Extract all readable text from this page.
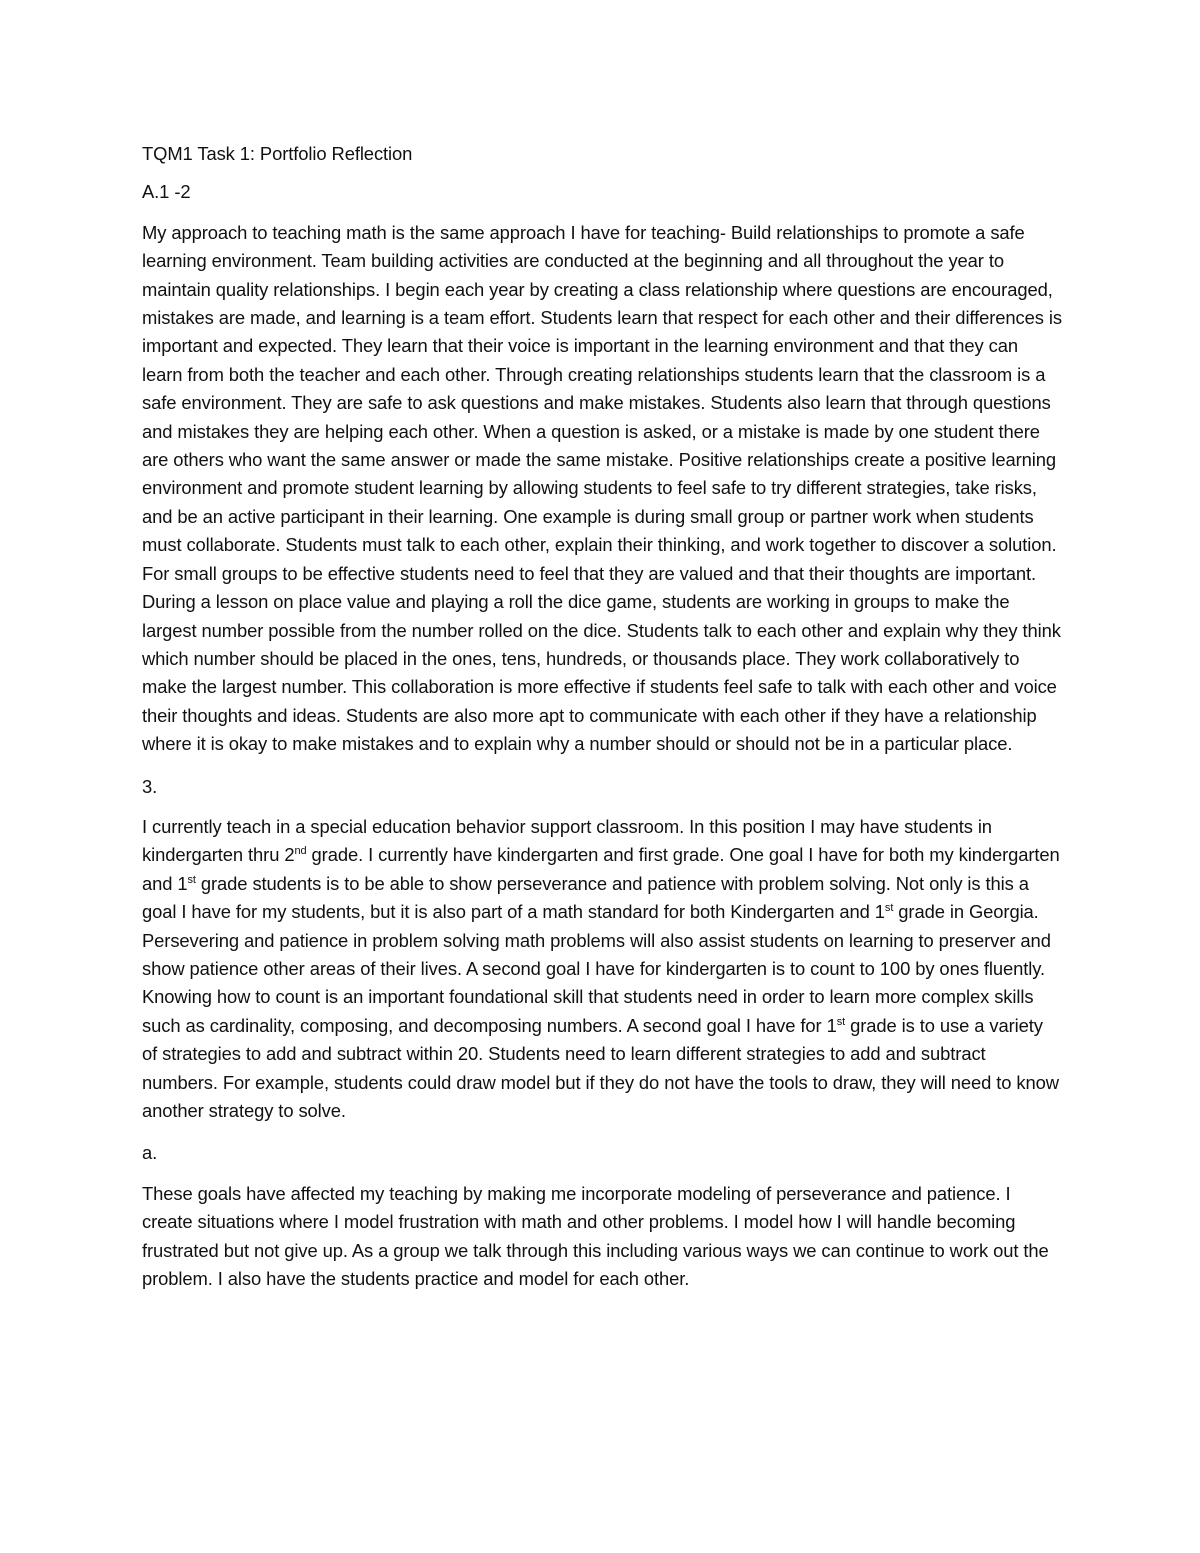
TQM1 Task 1: Portfolio Reflection

A.1 -2

My approach to teaching math is the same approach I have for teaching- Build relationships to promote a safe learning environment. Team building activities are conducted at the beginning and all throughout the year to maintain quality relationships. I begin each year by creating a class relationship where questions are encouraged, mistakes are made, and learning is a team effort. Students learn that respect for each other and their differences is important and expected. They learn that their voice is important in the learning environment and that they can learn from both the teacher and each other. Through creating relationships students learn that the classroom is a safe environment. They are safe to ask questions and make mistakes. Students also learn that through questions and mistakes they are helping each other. When a question is asked, or a mistake is made by one student there are others who want the same answer or made the same mistake. Positive relationships create a positive learning environment and promote student learning by allowing students to feel safe to try different strategies, take risks, and be an active participant in their learning. One example is during small group or partner work when students must collaborate. Students must talk to each other, explain their thinking, and work together to discover a solution. For small groups to be effective students need to feel that they are valued and that their thoughts are important. During a lesson on place value and playing a roll the dice game, students are working in groups to make the largest number possible from the number rolled on the dice. Students talk to each other and explain why they think which number should be placed in the ones, tens, hundreds, or thousands place. They work collaboratively to make the largest number. This collaboration is more effective if students feel safe to talk with each other and voice their thoughts and ideas. Students are also more apt to communicate with each other if they have a relationship where it is okay to make mistakes and to explain why a number should or should not be in a particular place.

3.

I currently teach in a special education behavior support classroom. In this position I may have students in kindergarten thru 2nd grade. I currently have kindergarten and first grade. One goal I have for both my kindergarten and 1st grade students is to be able to show perseverance and patience with problem solving. Not only is this a goal I have for my students, but it is also part of a math standard for both Kindergarten and 1st grade in Georgia. Persevering and patience in problem solving math problems will also assist students on learning to preserver and show patience other areas of their lives. A second goal I have for kindergarten is to count to 100 by ones fluently. Knowing how to count is an important foundational skill that students need in order to learn more complex skills such as cardinality, composing, and decomposing numbers. A second goal I have for 1st grade is to use a variety of strategies to add and subtract within 20. Students need to learn different strategies to add and subtract numbers. For example, students could draw model but if they do not have the tools to draw, they will need to know another strategy to solve.

a.

These goals have affected my teaching by making me incorporate modeling of perseverance and patience. I create situations where I model frustration with math and other problems. I model how I will handle becoming frustrated but not give up. As a group we talk through this including various ways we can continue to work out the problem. I also have the students practice and model for each other.
